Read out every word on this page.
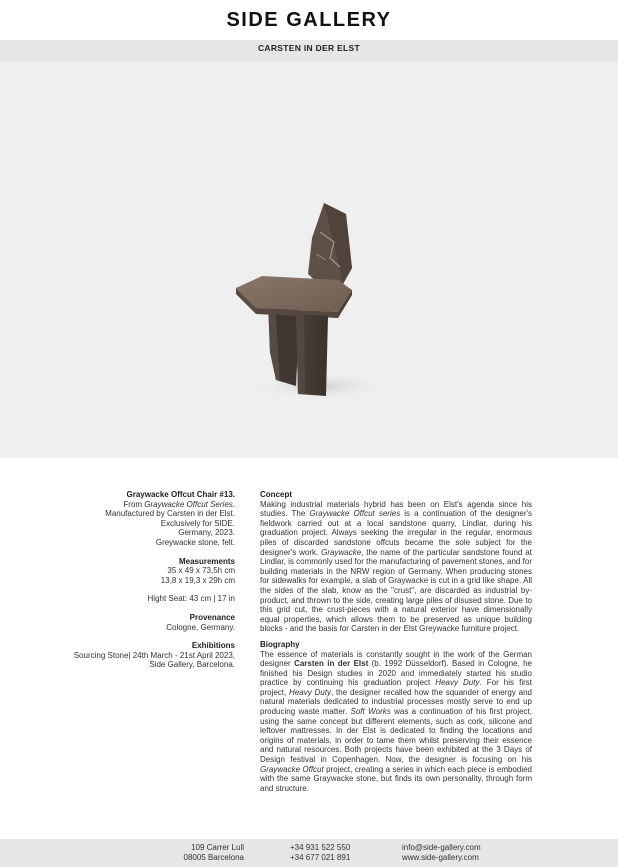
SIDE GALLERY
CARSTEN IN DER ELST
Graywacke Offcut Chair #13.
From Graywacke Offcut Series.
Manufactured by Carsten in der Elst.
Exclusively for SIDE.
Germany, 2023.
Greywacke stone, felt.
Measurements
35 x 49 x 73,5h cm
13,8 x 19,3 x 29h cm
Hight Seat: 43 cm | 17 in
Provenance
Cologne, Germany.
Exhibitions
Sourcing Stone| 24th March - 21st April 2023,
Side Gallery, Barcelona.
Concept

Making industrial materials hybrid has been on Elst's agenda since his studies. The Graywacke Offcut series is a continuation of the designer's fieldwork carried out at a local sandstone quarry, Lindlar, during his graduation project. Always seeking the irregular in the regular, enormous piles of discarded sandstone offcuts became the sole subject for the designer's work. Graywacke, the name of the particular sandstone found at Lindlar, is commonly used for the manufacturing of pavement stones, and for building materials in the NRW region of Germany. When producing stones for sidewalks for example, a slab of Graywacke is cut in a grid like shape. All the sides of the slab, know as the "crust", are discarded as industrial by-product, and thrown to the side, creating large piles of disused stone. Due to this grid cut, the crust-pieces with a natural exterior have dimensionally equal properties, which allows them to be preserved as unique building blocks - and the basis for Carsten in der Elst Greywacke furniture project.

Biography

The essence of materials is constantly sought in the work of the German designer Carsten in der Elst (b. 1992 Düsseldorf). Based in Cologne, he finished his Design studies in 2020 and immediately started his studio practice by continuing his graduation project Heavy Duty. For his first project, Heavy Duty, the designer recalled how the squander of energy and natural materials dedicated to industrial processes mostly serve to end up producing waste matter. Soft Works was a continuation of his first project, using the same concept but different elements, such as cork, silicone and leftover mattresses. In der Elst is dedicated to finding the locations and origins of materials, in order to tame them whilst preserving their essence and natural resources. Both projects have been exhibited at the 3 Days of Design festival in Copenhagen. Now, the designer is focusing on his Graywacke Offcut project, creating a series in which each piece is embodied with the same Graywacke stone, but finds its own personality, through form and structure.

109 Carrer Lull
08005 Barcelona
+34 931 522 550
+34 677 021 891
info@side-gallery.com
www.side-gallery.com
